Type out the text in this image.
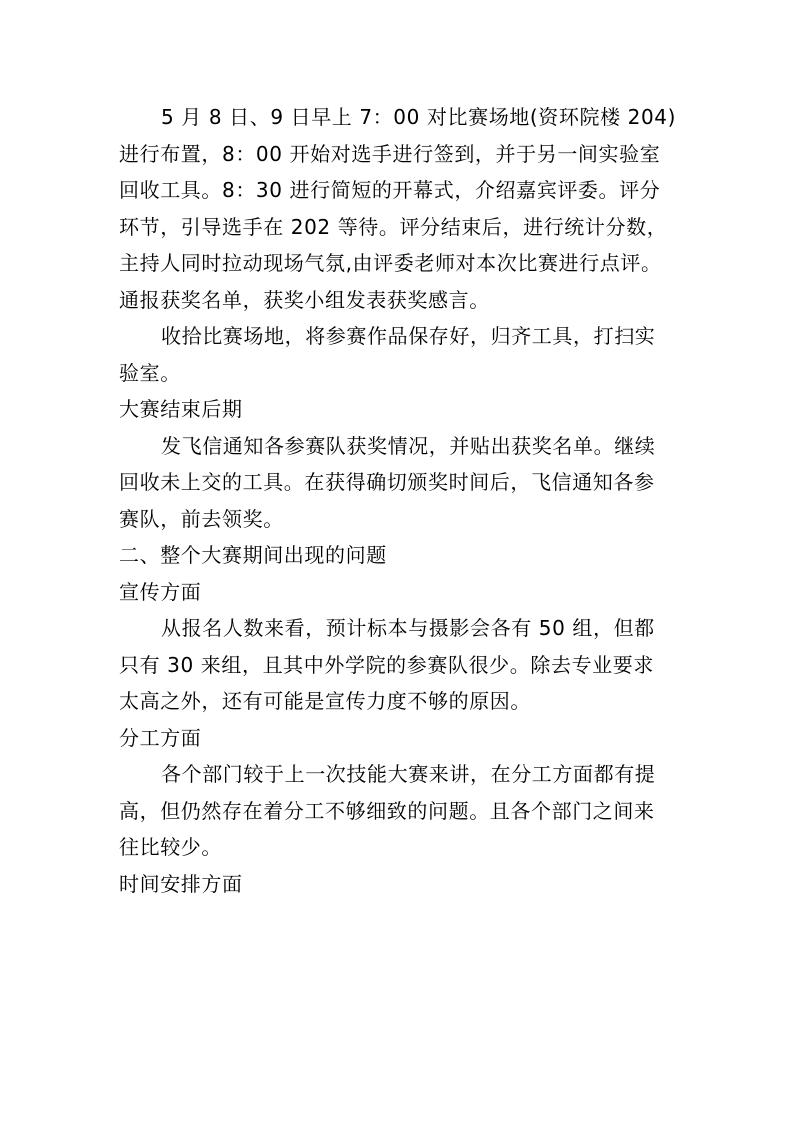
5 月 8 日、9 日早上 7：00 对比赛场地(资环院楼 204)
进行布置，8：00 开始对选手进行签到，并于另一间实验室
回收工具。8：30 进行简短的开幕式，介绍嘉宾评委。评分
环节，引导选手在 202 等待。评分结束后，进行统计分数，
主持人同时拉动现场气氛,由评委老师对本次比赛进行点评。
通报获奖名单，获奖小组发表获奖感言。
收拾比赛场地，将参赛作品保存好，归齐工具，打扫实
验室。
大赛结束后期
发飞信通知各参赛队获奖情况，并贴出获奖名单。继续
回收未上交的工具。在获得确切颁奖时间后，飞信通知各参
赛队，前去领奖。
二、整个大赛期间出现的问题
宣传方面
从报名人数来看，预计标本与摄影会各有 50 组，但都
只有 30 来组，且其中外学院的参赛队很少。除去专业要求
太高之外，还有可能是宣传力度不够的原因。
分工方面
各个部门较于上一次技能大赛来讲，在分工方面都有提
高，但仍然存在着分工不够细致的问题。且各个部门之间来
往比较少。
时间安排方面
